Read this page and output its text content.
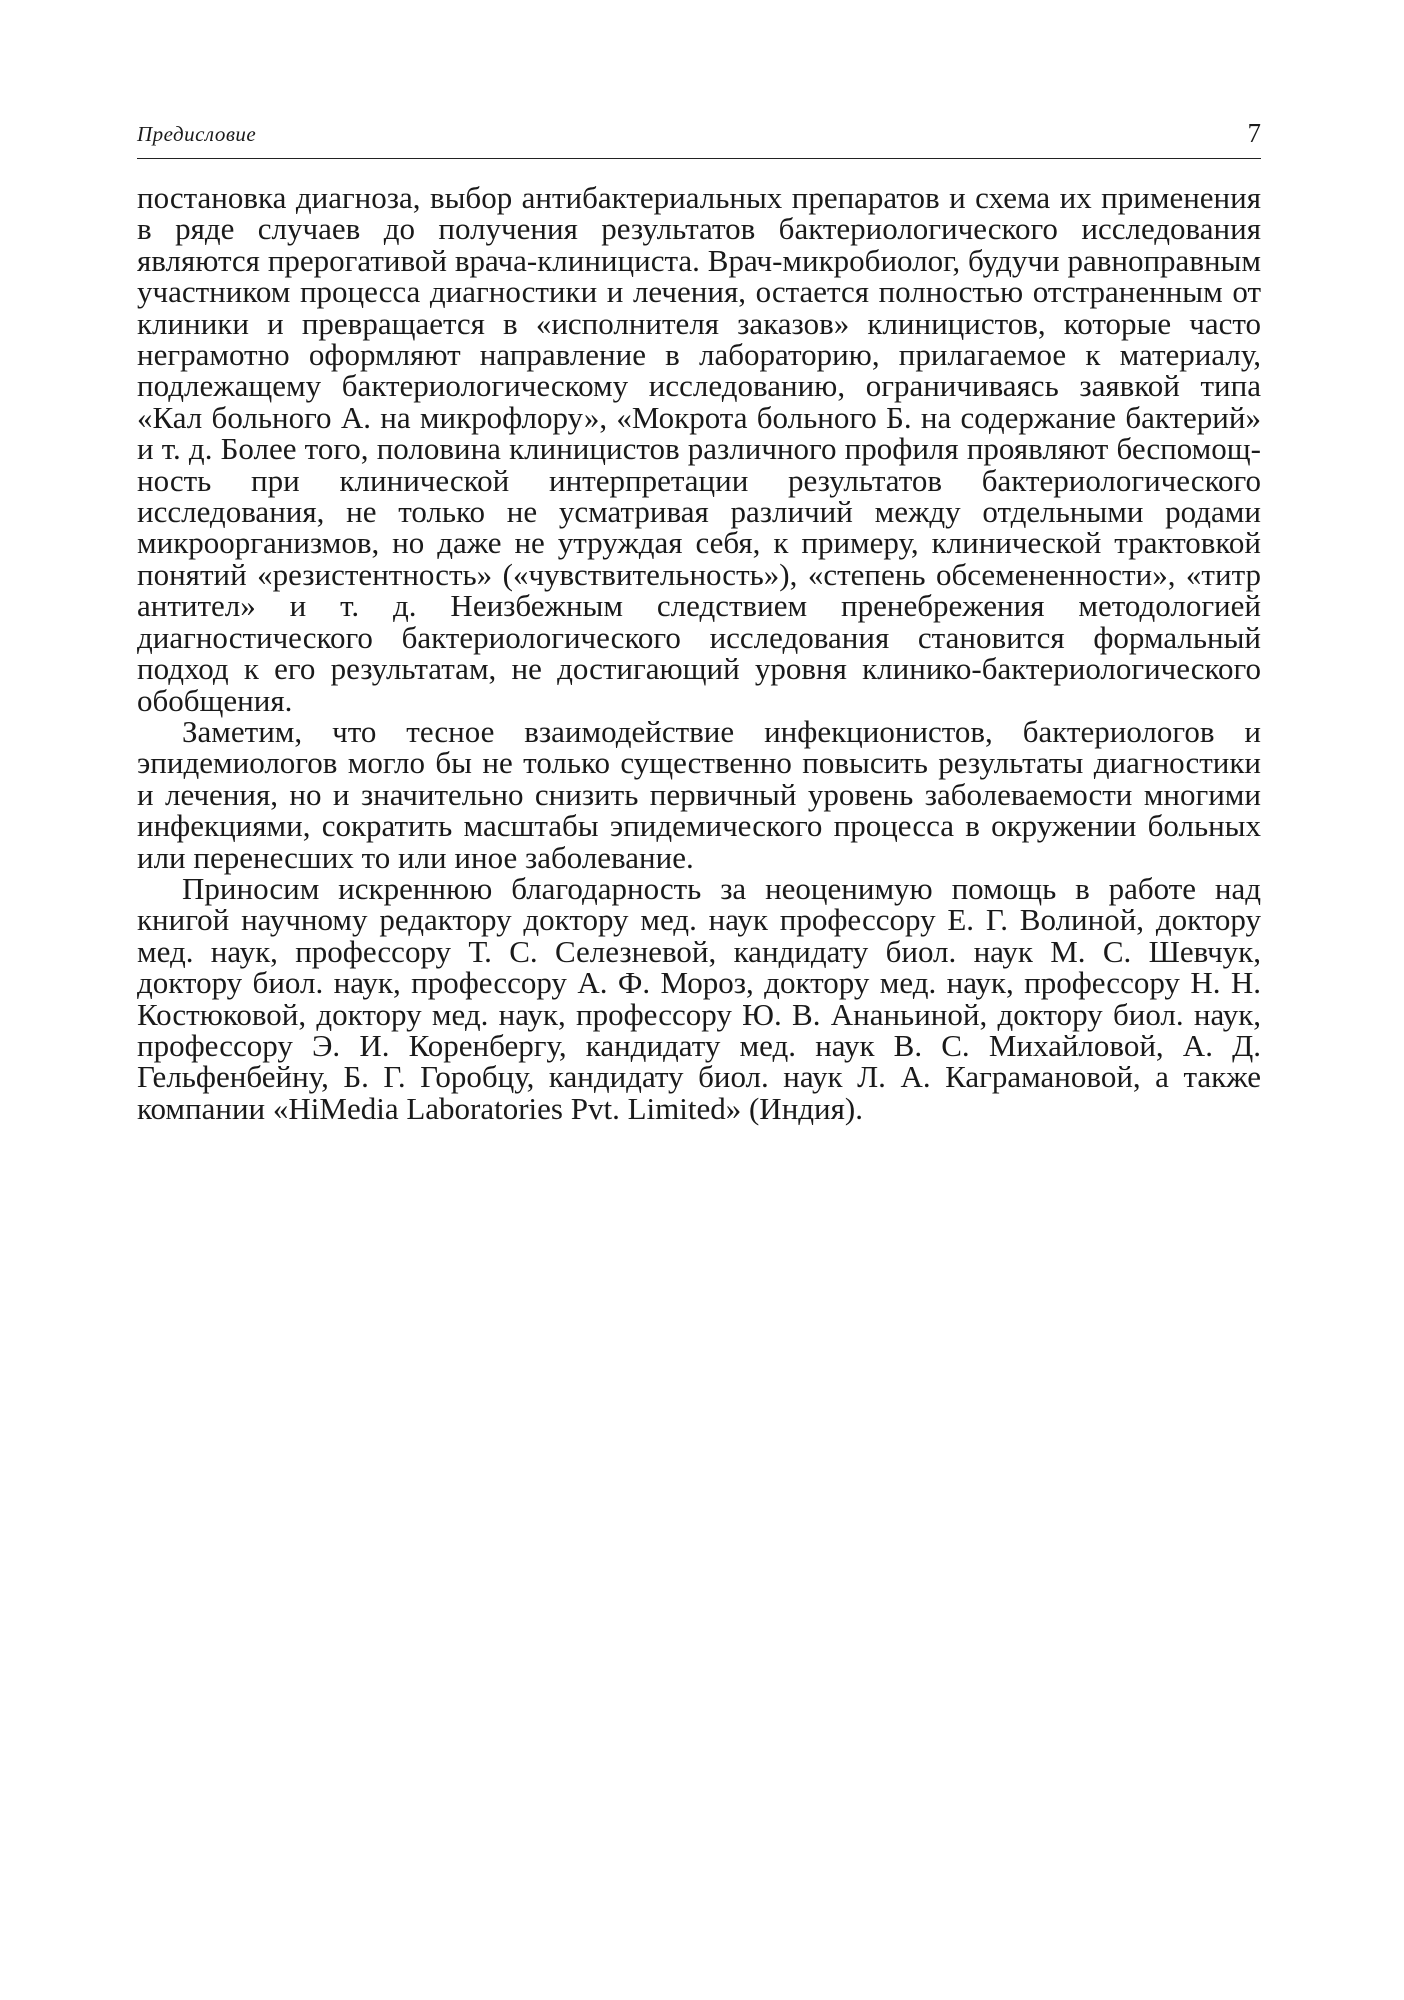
Предисловие	7

постановка диагноза, выбор антибактериальных препаратов и схема их применения в ряде случаев до получения результатов бактериологического исследования являются прерогативой врача-клинициста. Врач-микробиолог, будучи равноправным участником процесса диагностики и лечения, остается полностью отстраненным от клиники и превращается в «исполнителя заказов» клиницистов, которые часто неграмотно оформляют направление в лабораторию, прилагаемое к материалу, подлежащему бактериологическому исследованию, ограничиваясь заявкой типа «Кал больного А. на микрофлору», «Мокрота больного Б. на содержание бактерий» и т. д. Более того, половина клиницистов различного профиля проявляют беспомощность при клинической интерпретации результатов бактериологического исследования, не только не усматривая различий между отдельными родами микроорганизмов, но даже не утруждая себя, к примеру, клинической трактовкой понятий «резистентность» («чувствительность»), «степень обсемененности», «титр антител» и т. д. Неизбежным следствием пренебрежения методологией диагностического бактериологического исследования становится формальный подход к его результатам, не достигающий уровня клинико-бактериологического обобщения.

Заметим, что тесное взаимодействие инфекционистов, бактериологов и эпидемиологов могло бы не только существенно повысить результаты диагностики и лечения, но и значительно снизить первичный уровень заболеваемости многими инфекциями, сократить масштабы эпидемического процесса в окружении больных или перенесших то или иное заболевание.

Приносим искреннюю благодарность за неоценимую помощь в работе над книгой научному редактору доктору мед. наук профессору Е. Г. Волиной, доктору мед. наук, профессору Т. С. Селезневой, кандидату биол. наук М. С. Шевчук, доктору биол. наук, профессору А. Ф. Мороз, доктору мед. наук, профессору Н. Н. Костюковой, доктору мед. наук, профессору Ю. В. Ананьиной, доктору биол. наук, профессору Э. И. Коренбергу, кандидату мед. наук В. С. Михайловой, А. Д. Гельфенбейну, Б. Г. Горобцу, кандидату биол. наук Л. А. Каграмановой, а также компании «HiMedia Laboratories Pvt. Limited» (Индия).
